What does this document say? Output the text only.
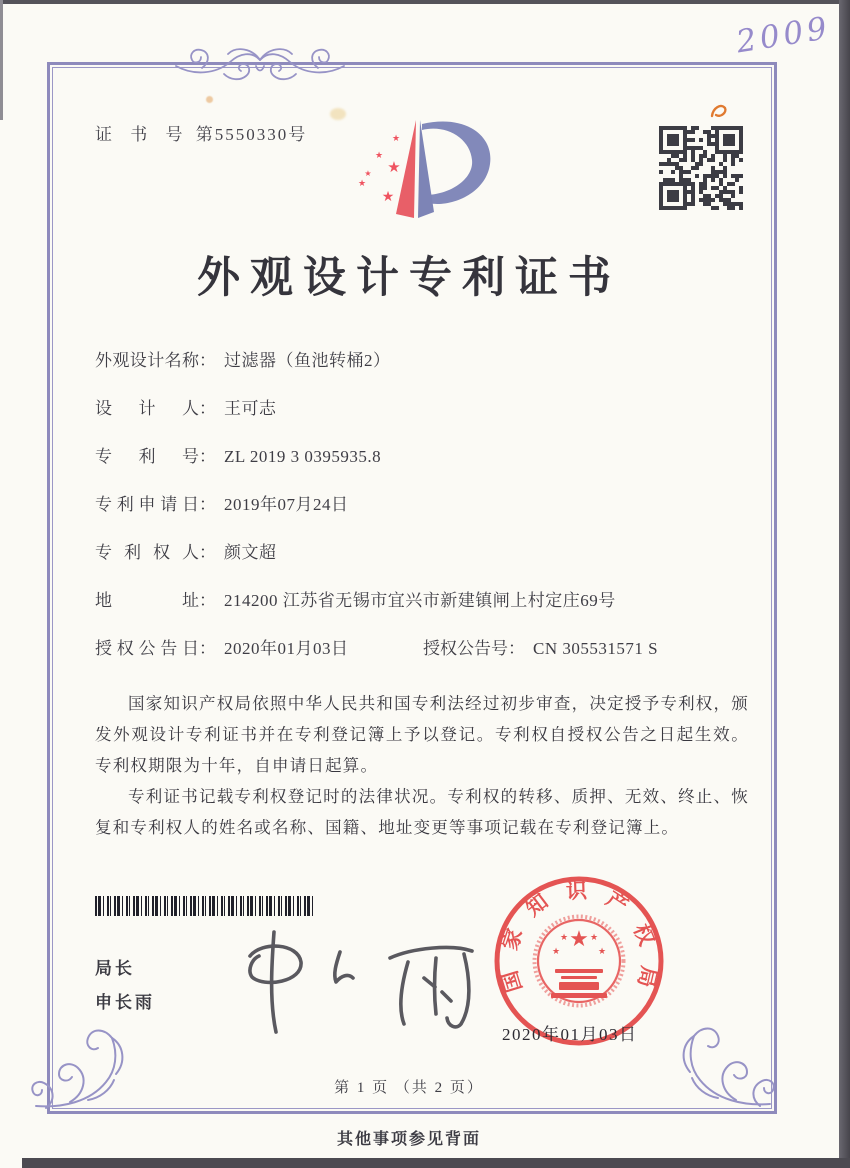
证 书 号 第5550330号	★
★
★
★
★
★
2009
外观设计专利证书
外观设计名称： 过滤器（鱼池转桶2）
设计人： 王可志
专利号： ZL 2019 3 0395935.8
专利申请日： 2019年07月24日
专利权人： 颜文超
地址： 214200 江苏省无锡市宜兴市新建镇闸上村定庄69号
授权公告日： 2020年01月03日	授权公告号： CN 305531571 S

国家知识产权局依照中华人民共和国专利法经过初步审查，决定授予专利权，颁发外观设计专利证书并在专利登记簿上予以登记。专利权自授权公告之日起生效。专利权期限为十年，自申请日起算。

专利证书记载专利权登记时的法律状况。专利权的转移、质押、无效、终止、恢复和专利权人的姓名或名称、国籍、地址变更等事项记载在专利登记簿上。

局长
申长雨
国
家
知 识 产
权
局
★
★
★ ★
★
2020年01月03日
第 1 页 （共 2 页）
其他事项参见背面
